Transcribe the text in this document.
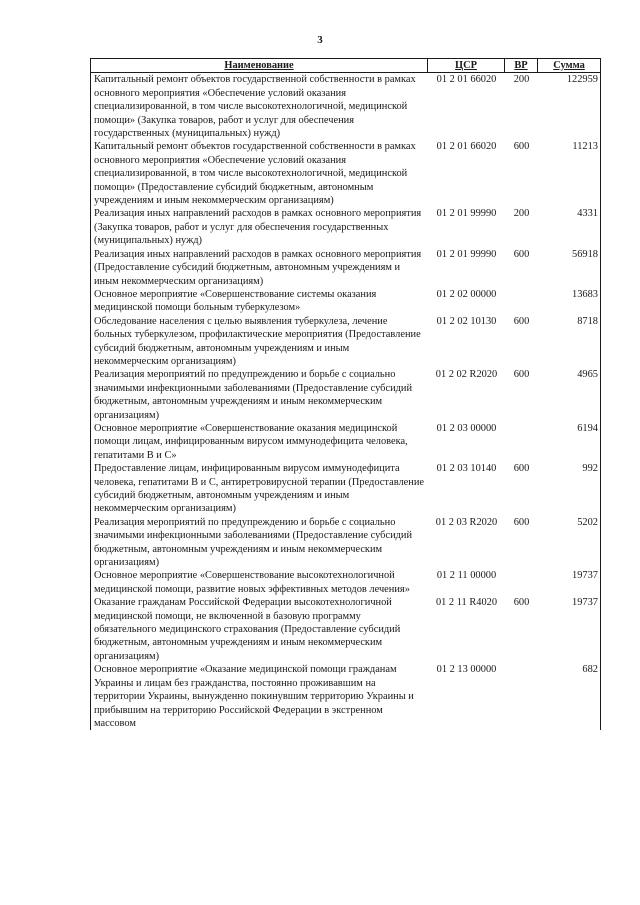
3
Наименование	ЦСР	ВР	Сумма
Капитальный ремонт объектов государственной собственности в рамках основного мероприятия «Обеспечение условий оказания специализированной, в том числе высокотехнологичной, медицинской помощи» (Закупка товаров, работ и услуг для обеспечения государственных (муниципальных) нужд)	01 2 01 66020	200	122959
Капитальный ремонт объектов государственной собственности в рамках основного мероприятия «Обеспечение условий оказания специализированной, в том числе высокотехнологичной, медицинской помощи» (Предоставление субсидий бюджетным, автономным учреждениям и иным некоммерческим организациям)	01 2 01 66020	600	11213
Реализация иных направлений расходов в рамках основного мероприятия (Закупка товаров, работ и услуг для обеспечения государственных (муниципальных) нужд)	01 2 01 99990	200	4331
Реализация иных направлений расходов в рамках основного мероприятия (Предоставление субсидий бюджетным, автономным учреждениям и иным некоммерческим организациям)	01 2 01 99990	600	56918
Основное мероприятие «Совершенствование системы оказания медицинской помощи больным туберкулезом»	01 2 02 00000		13683
Обследование населения с целью выявления туберкулеза, лечение больных туберкулезом, профилактические мероприятия (Предоставление субсидий бюджетным, автономным учреждениям и иным некоммерческим организациям)	01 2 02 10130	600	8718
Реализация мероприятий по предупреждению и борьбе с социально значимыми инфекционными заболеваниями (Предоставление субсидий бюджетным, автономным учреждениям и иным некоммерческим организациям)	01 2 02 R2020	600	4965
Основное мероприятие «Совершенствование оказания медицинской помощи лицам, инфицированным вирусом иммунодефицита человека, гепатитами В и С»	01 2 03 00000		6194
Предоставление лицам, инфицированным вирусом иммунодефицита человека, гепатитами В и С, антиретровирусной терапии (Предоставление субсидий бюджетным, автономным учреждениям и иным некоммерческим организациям)	01 2 03 10140	600	992
Реализация мероприятий по предупреждению и борьбе с социально значимыми инфекционными заболеваниями (Предоставление субсидий бюджетным, автономным учреждениям и иным некоммерческим организациям)	01 2 03 R2020	600	5202
Основное мероприятие «Совершенствование высокотехнологичной медицинской помощи, развитие новых эффективных методов лечения»	01 2 11 00000		19737
Оказание гражданам Российской Федерации высокотехнологичной медицинской помощи, не включенной в базовую программу обязательного медицинского страхования (Предоставление субсидий бюджетным, автономным учреждениям и иным некоммерческим организациям)	01 2 11 R4020	600	19737
Основное мероприятие «Оказание медицинской помощи гражданам Украины и лицам без гражданства, постоянно проживавшим на территории Украины, вынужденно покинувшим территорию Украины и прибывшим на территорию Российской Федерации в экстренном массовом	01 2 13 00000		682
